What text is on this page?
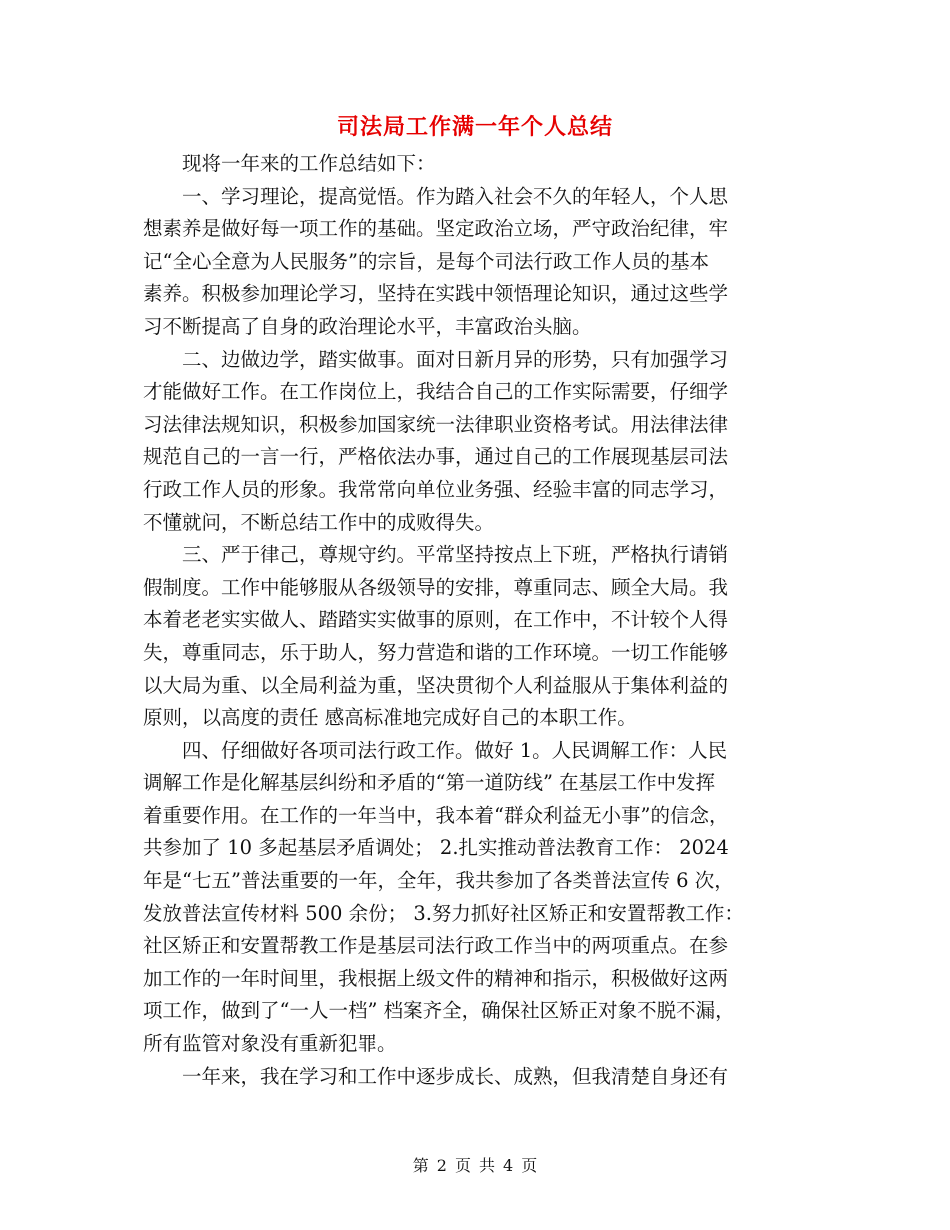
司法局工作满一年个人总结
现将一年来的工作总结如下：
一、学习理论，提高觉悟。作为踏入社会不久的年轻人，个人思
想素养是做好每一项工作的基础。坚定政治立场，严守政治纪律，牢
记“全心全意为人民服务”的宗旨，是每个司法行政工作人员的基本
素养。积极参加理论学习，坚持在实践中领悟理论知识，通过这些学
习不断提高了自身的政治理论水平，丰富政治头脑。
二、边做边学，踏实做事。面对日新月异的形势，只有加强学习
才能做好工作。在工作岗位上，我结合自己的工作实际需要，仔细学
习法律法规知识，积极参加国家统一法律职业资格考试。用法律法律
规范自己的一言一行，严格依法办事，通过自己的工作展现基层司法
行政工作人员的形象。我常常向单位业务强、经验丰富的同志学习，
不懂就问，不断总结工作中的成败得失。
三、严于律己，尊规守约。平常坚持按点上下班，严格执行请销
假制度。工作中能够服从各级领导的安排，尊重同志、顾全大局。我
本着老老实实做人、踏踏实实做事的原则，在工作中，不计较个人得
失，尊重同志，乐于助人，努力营造和谐的工作环境。一切工作能够
以大局为重、以全局利益为重，坚决贯彻个人利益服从于集体利益的
原则，以高度的责任 感高标准地完成好自己的本职工作。
四、仔细做好各项司法行政工作。做好 1。人民调解工作：人民
调解工作是化解基层纠纷和矛盾的“第一道防线” 在基层工作中发挥
着重要作用。在工作的一年当中，我本着“群众利益无小事”的信念，
共参加了 10 多起基层矛盾调处； 2.扎实推动普法教育工作： 2024
年是“七五”普法重要的一年，全年，我共参加了各类普法宣传 6 次，
发放普法宣传材料 500 余份； 3.努力抓好社区矫正和安置帮教工作：
社区矫正和安置帮教工作是基层司法行政工作当中的两项重点。在参
加工作的一年时间里，我根据上级文件的精神和指示，积极做好这两
项工作，做到了“一人一档” 档案齐全，确保社区矫正对象不脱不漏，
所有监管对象没有重新犯罪。
一年来，我在学习和工作中逐步成长、成熟，但我清楚自身还有
第 2 页 共 4 页
